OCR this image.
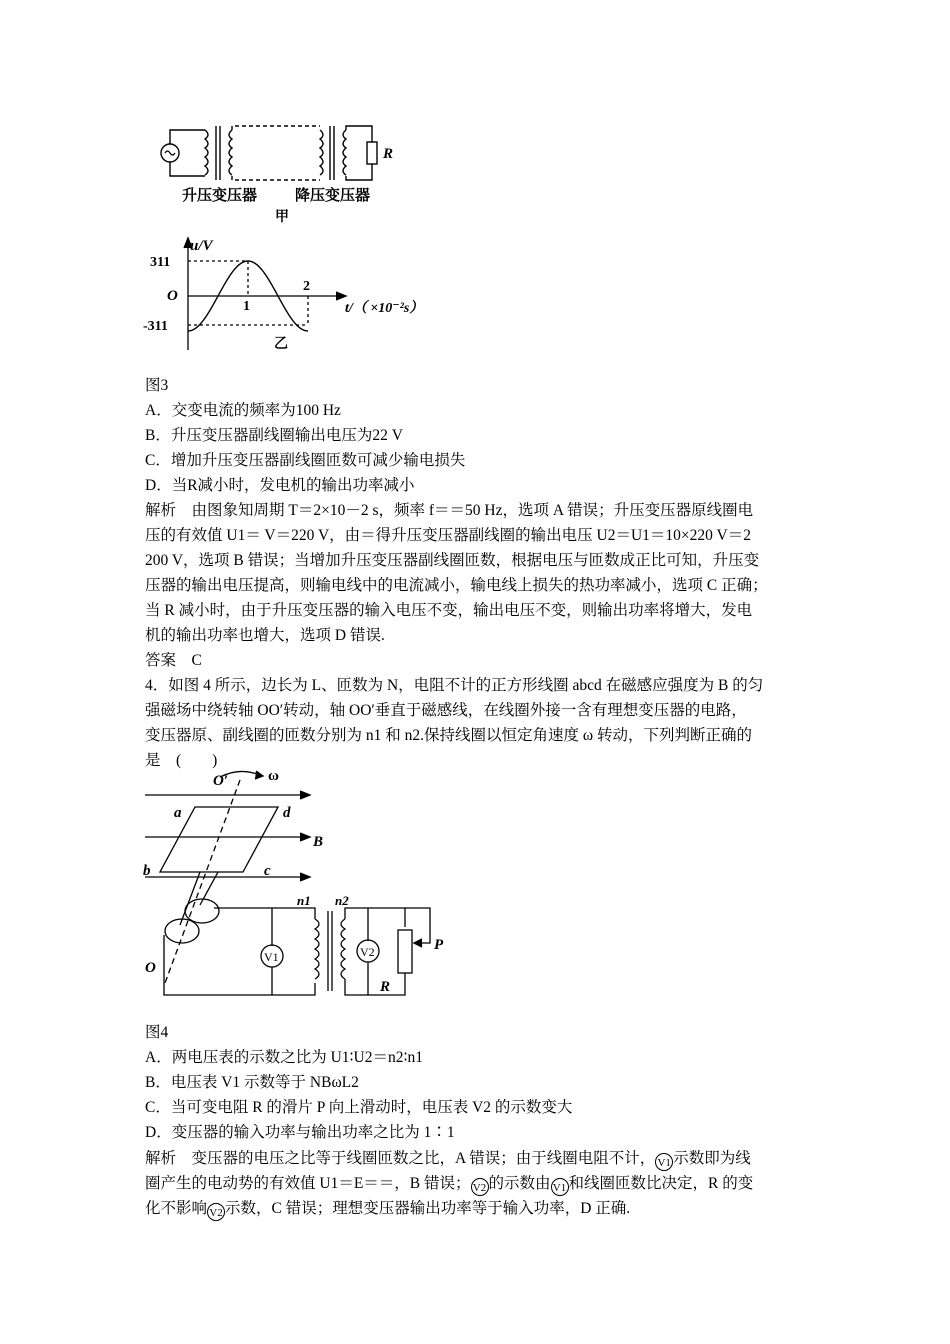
R
升压变压器	降压变压器
甲
u/V
311
-311
O
1
2
t/（ ×10⁻²s）
乙
图3
A．交变电流的频率为100 Hz
B．升压变压器副线圈输出电压为22 V
C．增加升压变压器副线圈匝数可减少输电损失
D．当R减小时，发电机的输出功率减小
解析　由图象知周期 T＝2×10－2 s，频率 f＝＝50 Hz，选项 A 错误；升压变压器原线圈电
压的有效值 U1＝ V＝220 V，由＝得升压变压器副线圈的输出电压 U2＝U1＝10×220 V＝2
200 V，选项 B 错误；当增加升压变压器副线圈匝数，根据电压与匝数成正比可知，升压变
压器的输出电压提高，则输电线中的电流减小，输电线上损失的热功率减小，选项 C 正确；
当 R 减小时，由于升压变压器的输入电压不变，输出电压不变，则输出功率将增大，发电
机的输出功率也增大，选项 D 错误.
答案　C
4．如图 4 所示，边长为 L、匝数为 N，电阻不计的正方形线圈 abcd 在磁感应强度为 B 的匀
强磁场中绕转轴 OO′转动，轴 OO′垂直于磁感线，在线圈外接一含有理想变压器的电路，
变压器原、副线圈的匝数分别为 n1 和 n2.保持线圈以恒定角速度 ω 转动，下列判断正确的
是　(　　)
O′	ω
a	d
B
b	c
O
n1 n2
V1	V2
R
P
图4
A．两电压表的示数之比为 U1∶U2＝n2∶n1
B．电压表 V1 示数等于 NBωL2
C．当可变电阻 R 的滑片 P 向上滑动时，电压表 V2 的示数变大
D．变压器的输入功率与输出功率之比为 1∶1
解析　变压器的电压之比等于线圈匝数之比，A 错误；由于线圈电阻不计， V1 示数即为线
圈产生的电动势的有效值 U1＝E＝＝，B 错误； V2 的示数由 V1 和线圈匝数比决定，R 的变
化不影响 V2 示数，C 错误；理想变压器输出功率等于输入功率，D 正确.
